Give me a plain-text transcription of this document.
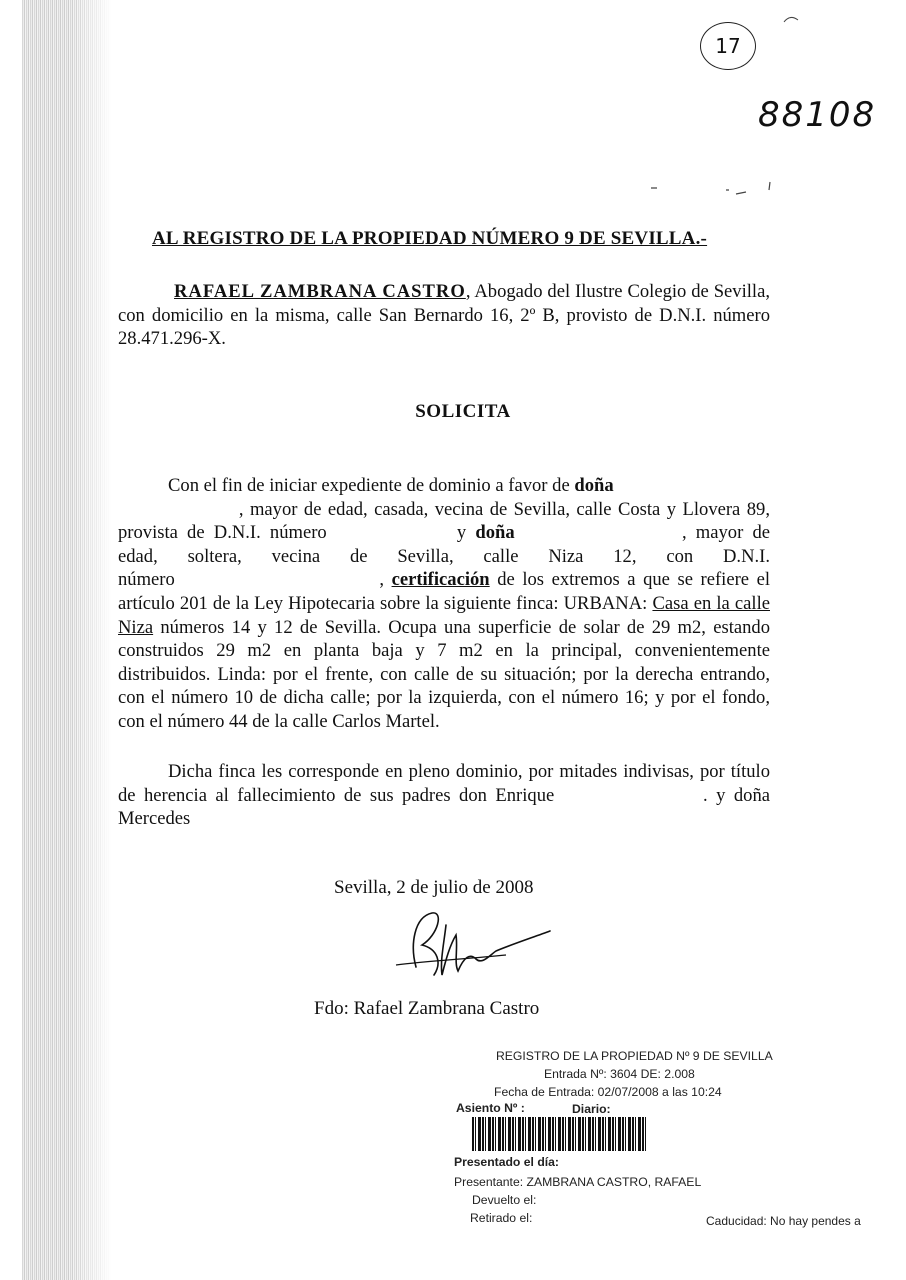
17
88108
AL REGISTRO DE LA PROPIEDAD NÚMERO 9 DE SEVILLA.-
RAFAEL ZAMBRANA CASTRO, Abogado del Ilustre Colegio de Sevilla, con domicilio en la misma, calle San Bernardo 16, 2º B, provisto de D.N.I. número 28.471.296-X.
SOLICITA
Con el fin de iniciar expediente de dominio a favor de doña
       , mayor de edad, casada, vecina de Sevilla, calle Costa y Llovera 89, provista de D.N.I. número       	y doña         	, mayor de edad, soltera, vecina de Sevilla, calle Niza 12, con D.N.I. número           	, certificación de los extremos a que se refiere el artículo 201 de la Ley Hipotecaria sobre la siguiente finca: URBANA: Casa en la calle Niza números 14 y 12 de Sevilla. Ocupa una superficie de solar de 29 m2, estando construidos 29 m2 en planta baja y 7 m2 en la principal, convenientemente distribuidos. Linda: por el frente, con calle de su situación; por la derecha entrando, con el número 10 de dicha calle; por la izquierda, con el número 16; y por el fondo, con el número 44 de la calle Carlos Martel.
Dicha finca les corresponde en pleno dominio, por mitades indivisas, por título de herencia al fallecimiento de sus padres don Enrique        	. y doña Mercedes
Sevilla, 2 de julio de 2008
Fdo: Rafael Zambrana Castro
REGISTRO DE LA PROPIEDAD Nº 9 DE SEVILLA
Entrada Nº: 3604 DE: 2.008
Fecha de Entrada: 02/07/2008 a las 10:24
Asiento Nº :	Diario:
Presentado el día:
Presentante: ZAMBRANA CASTRO, RAFAEL
Devuelto el:
Retirado el:	Caducidad: No hay pendes a
